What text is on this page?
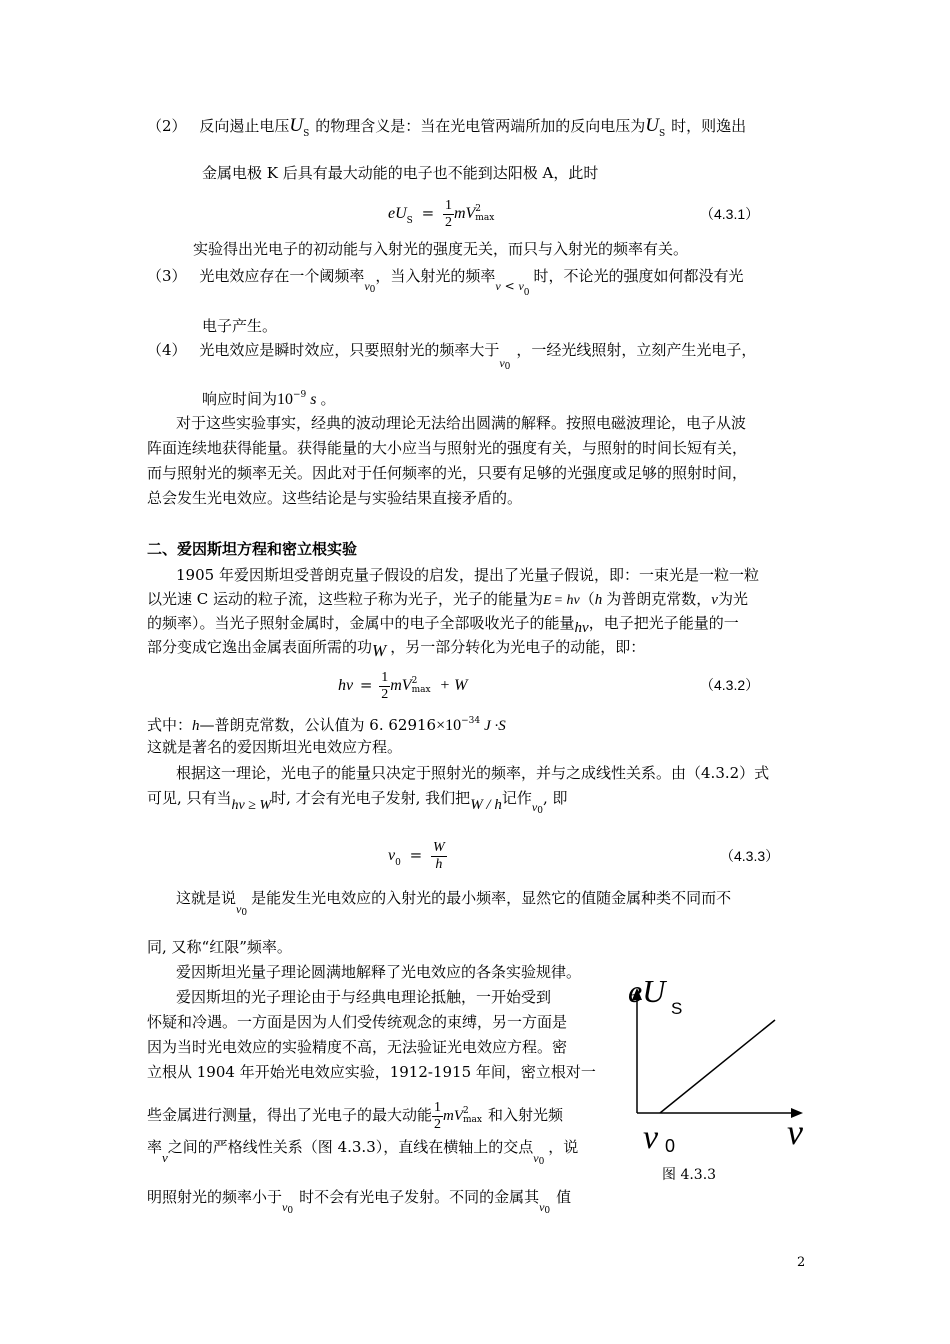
（2） 反向遏止电压$U_S$ 的物理含义是：当在光电管两端所加的反向电压为$U_S$ 时，则逸出
金属电极 K 后具有最大动能的电子也不能到达阳极 A，此时
$eU_S = \frac{1}{2}$ mV 2
max	（4.3.1）
实验得出光电子的初动能与入射光的强度无关，而只与入射光的频率有关。
（3） 光电效应存在一个阈频率$_{\nu 0}$，当入射光的频率$_{\nu < \nu_0}$时，不论光的强度如何都没有光
电子产生。
（4） 光电效应是瞬时效应，只要照射光的频率大于$_{\nu 0}$，一经光线照射，立刻产生光电子，
响应时间为$10^{-9}$ s 。
对于这些实验事实，经典的波动理论无法给出圆满的解释。按照电磁波理论，电子从波
阵面连续地获得能量。获得能量的大小应当与照射光的强度有关，与照射的时间长短有关，
而与照射光的频率无关。因此对于任何频率的光，只要有足够的光强度或足够的照射时间，
总会发生光电效应。这些结论是与实验结果直接矛盾的。
二、爱因斯坦方程和密立根实验
1905 年爱因斯坦受普朗克量子假设的启发，提出了光量子假说，即：一束光是一粒一粒
以光速 C 运动的粒子流，这些粒子称为光子，光子的能量为E = hν（h 为普朗克常数，ν为光
的频率）。当光子照射金属时，金属中的电子全部吸收光子的能量hν，电子把光子能量的一
部分变成它逸出金属表面所需的功W ，另一部分转化为光电子的动能，即：
$h\nu = \frac{1}{2}$ mV 2
max + W	（4.3.2）
式中：h—普朗克常数，公认值为 6. $62916\times 10^{-34}$ J ·S
这就是著名的爱因斯坦光电效应方程。
根据这一理论，光电子的能量只决定于照射光的频率，并与之成线性关系。由（4.3.2）式
可见, 只有当hν ≥ W时, 才会有光电子发射, 我们把W / h记作$_{\nu 0}$, 即
$\nu_0 = \frac{W}{h}$	（4.3.3）
这就是说$_{\nu 0}$是能发生光电效应的入射光的最小频率，显然它的值随金属种类不同而不
同, 又称“红限”频率。
爱因斯坦光量子理论圆满地解释了光电效应的各条实验规律。
爱因斯坦的光子理论由于与经典电理论抵触，一开始受到
怀疑和冷遇。一方面是因为人们受传统观念的束缚，另一方面是
因为当时光电效应的实验精度不高，无法验证光电效应方程。密
立根从 1904 年开始光电效应实验，1912-1915 年间，密立根对一
些金属进行测量，得出了光电子的最大动能 $\frac{1}{2}$ mV 2
max 和入射光频
率ν之间的严格线性关系（图 4.3.3），直线在横轴上的交点$_{\nu 0}$，说
明照射光的频率小于$_{\nu 0}$时不会有光电子发射。不同的金属其$_{\nu 0}$值
eU S
ν 0	ν
图 4.3.3
2
